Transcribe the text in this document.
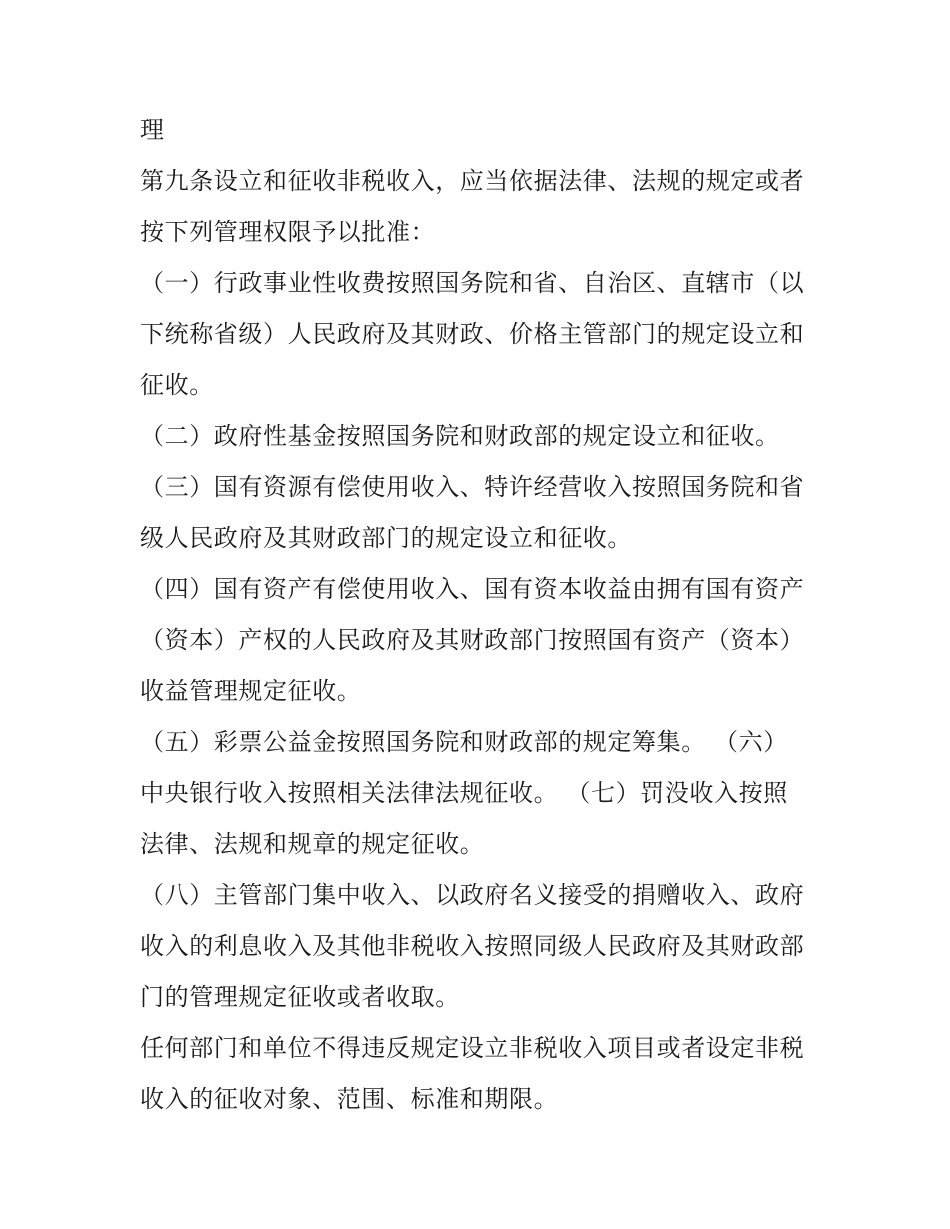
理
第九条设立和征收非税收入，应当依据法律、法规的规定或者
按下列管理权限予以批准：
（一）行政事业性收费按照国务院和省、自治区、直辖市（以
下统称省级）人民政府及其财政、价格主管部门的规定设立和
征收。
（二）政府性基金按照国务院和财政部的规定设立和征收。
（三）国有资源有偿使用收入、特许经营收入按照国务院和省
级人民政府及其财政部门的规定设立和征收。
（四）国有资产有偿使用收入、国有资本收益由拥有国有资产
（资本）产权的人民政府及其财政部门按照国有资产（资本）
收益管理规定征收。
（五）彩票公益金按照国务院和财政部的规定筹集。 （六）
中央银行收入按照相关法律法规征收。 （七）罚没收入按照
法律、法规和规章的规定征收。
（八）主管部门集中收入、以政府名义接受的捐赠收入、政府
收入的利息收入及其他非税收入按照同级人民政府及其财政部
门的管理规定征收或者收取。
任何部门和单位不得违反规定设立非税收入项目或者设定非税
收入的征收对象、范围、标准和期限。
